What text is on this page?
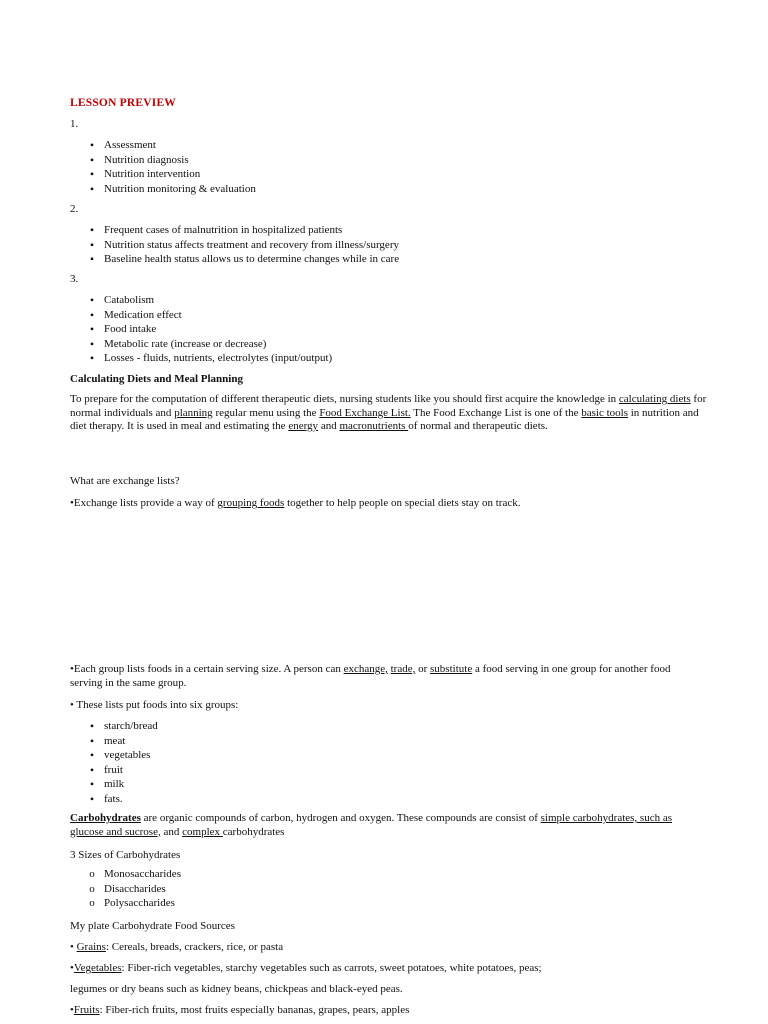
LESSON PREVIEW
1.
•
Assessment
•
Nutrition diagnosis
•
Nutrition intervention
•
Nutrition monitoring & evaluation
2.
▪
Frequent cases of malnutrition in hospitalized patients
▪
Nutrition status affects treatment and recovery from illness/surgery
▪
Baseline health status allows us to determine changes while in care
3.
•
Catabolism
•
Medication effect
•
Food intake
•
Metabolic rate (increase or decrease)
•
Losses - fluids, nutrients, electrolytes (input/output)
Calculating Diets and Meal Planning

To prepare for the computation of different therapeutic diets, nursing students like you should first acquire the knowledge in calculating diets for normal individuals and planning regular menu using the Food Exchange List. The Food Exchange List is one of the basic tools in nutrition and diet therapy. It is used in meal and estimating the energy and macronutrients of normal and therapeutic diets.

What are exchange lists?
•Exchange lists provide a way of grouping foods together to help people on special diets stay on track.

•Each group lists foods in a certain serving size. A person can exchange, trade, or substitute a food serving in one group for another food serving in the same group.

• These lists put foods into six groups:
•
starch/bread
•
meat
•
vegetables
•
fruit
•
milk
•
fats.

Carbohydrates are organic compounds of carbon, hydrogen and oxygen. These compounds are consist of simple carbohydrates, such as glucose and sucrose, and complex carbohydrates

3 Sizes of Carbohydrates
o
Monosaccharides
o
Disaccharides
o
Polysaccharides
My plate Carbohydrate Food Sources
• Grains: Cereals, breads, crackers, rice, or pasta
•Vegetables: Fiber-rich vegetables, starchy vegetables such as carrots, sweet potatoes, white potatoes, peas;
legumes or dry beans such as kidney beans, chickpeas and black-eyed peas.
•Fruits: Fiber-rich fruits, most fruits especially bananas, grapes, pears, apples
